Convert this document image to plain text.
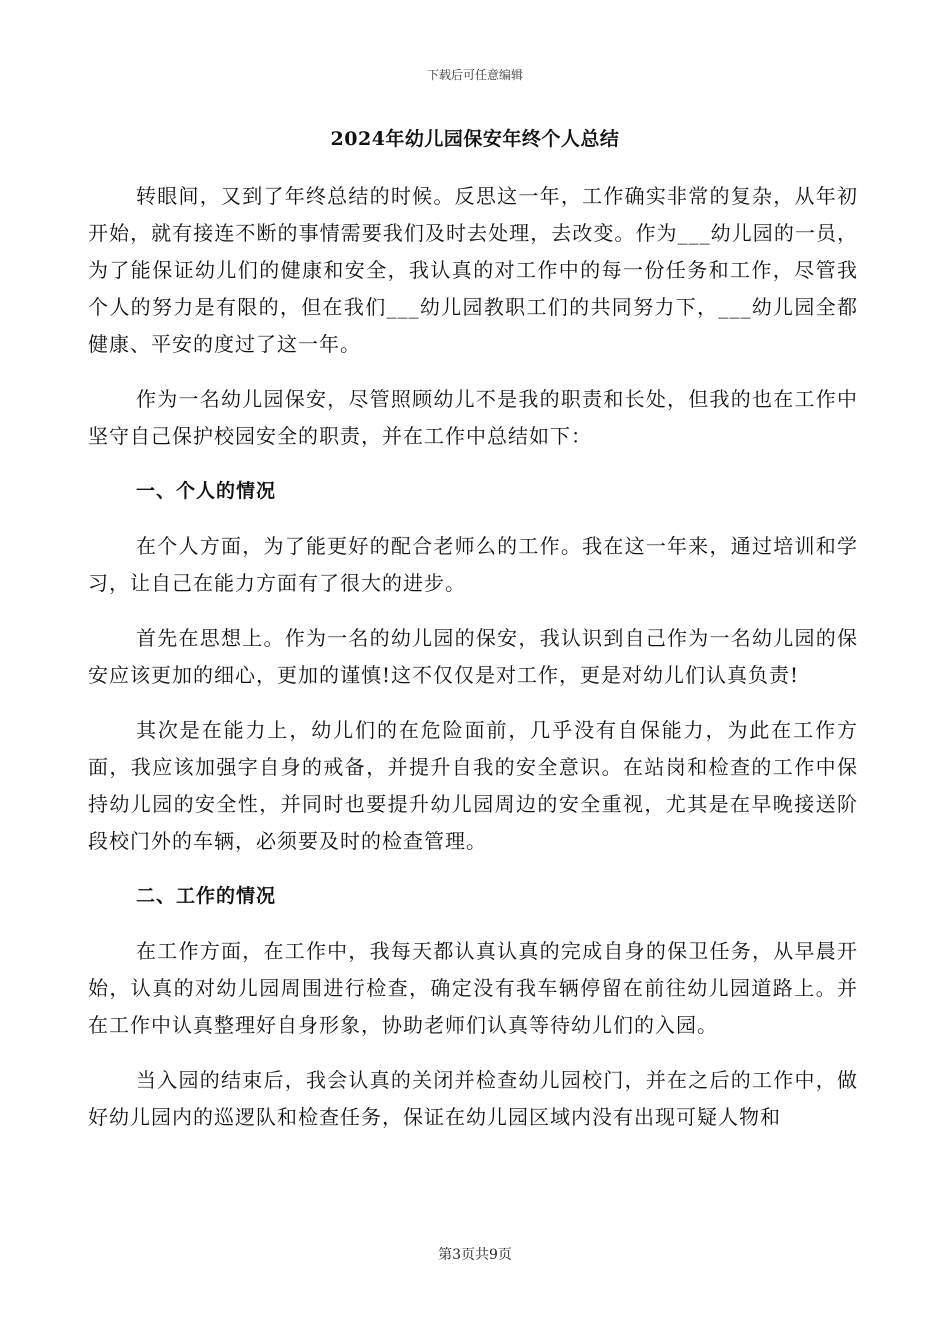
下载后可任意编辑
2024年幼儿园保安年终个人总结

转眼间，又到了年终总结的时候。反思这一年，工作确实非常的复杂，从年初开始，就有接连不断的事情需要我们及时去处理，去改变。作为___幼儿园的一员，为了能保证幼儿们的健康和安全，我认真的对工作中的每一份任务和工作，尽管我个人的努力是有限的，但在我们___幼儿园教职工们的共同努力下，___幼儿园全都健康、平安的度过了这一年。

作为一名幼儿园保安，尽管照顾幼儿不是我的职责和长处，但我的也在工作中坚守自己保护校园安全的职责，并在工作中总结如下：

一、个人的情况

在个人方面，为了能更好的配合老师么的工作。我在这一年来，通过培训和学习，让自己在能力方面有了很大的进步。

首先在思想上。作为一名的幼儿园的保安，我认识到自己作为一名幼儿园的保安应该更加的细心，更加的谨慎!这不仅仅是对工作，更是对幼儿们认真负责!

其次是在能力上，幼儿们的在危险面前，几乎没有自保能力，为此在工作方面，我应该加强字自身的戒备，并提升自我的安全意识。在站岗和检查的工作中保持幼儿园的安全性，并同时也要提升幼儿园周边的安全重视，尤其是在早晚接送阶段校门外的车辆，必须要及时的检查管理。

二、工作的情况

在工作方面，在工作中，我每天都认真认真的完成自身的保卫任务，从早晨开始，认真的对幼儿园周围进行检查，确定没有我车辆停留在前往幼儿园道路上。并在工作中认真整理好自身形象，协助老师们认真等待幼儿们的入园。

当入园的结束后，我会认真的关闭并检查幼儿园校门，并在之后的工作中，做好幼儿园内的巡逻队和检查任务，保证在幼儿园区域内没有出现可疑人物和

第3页共9页
